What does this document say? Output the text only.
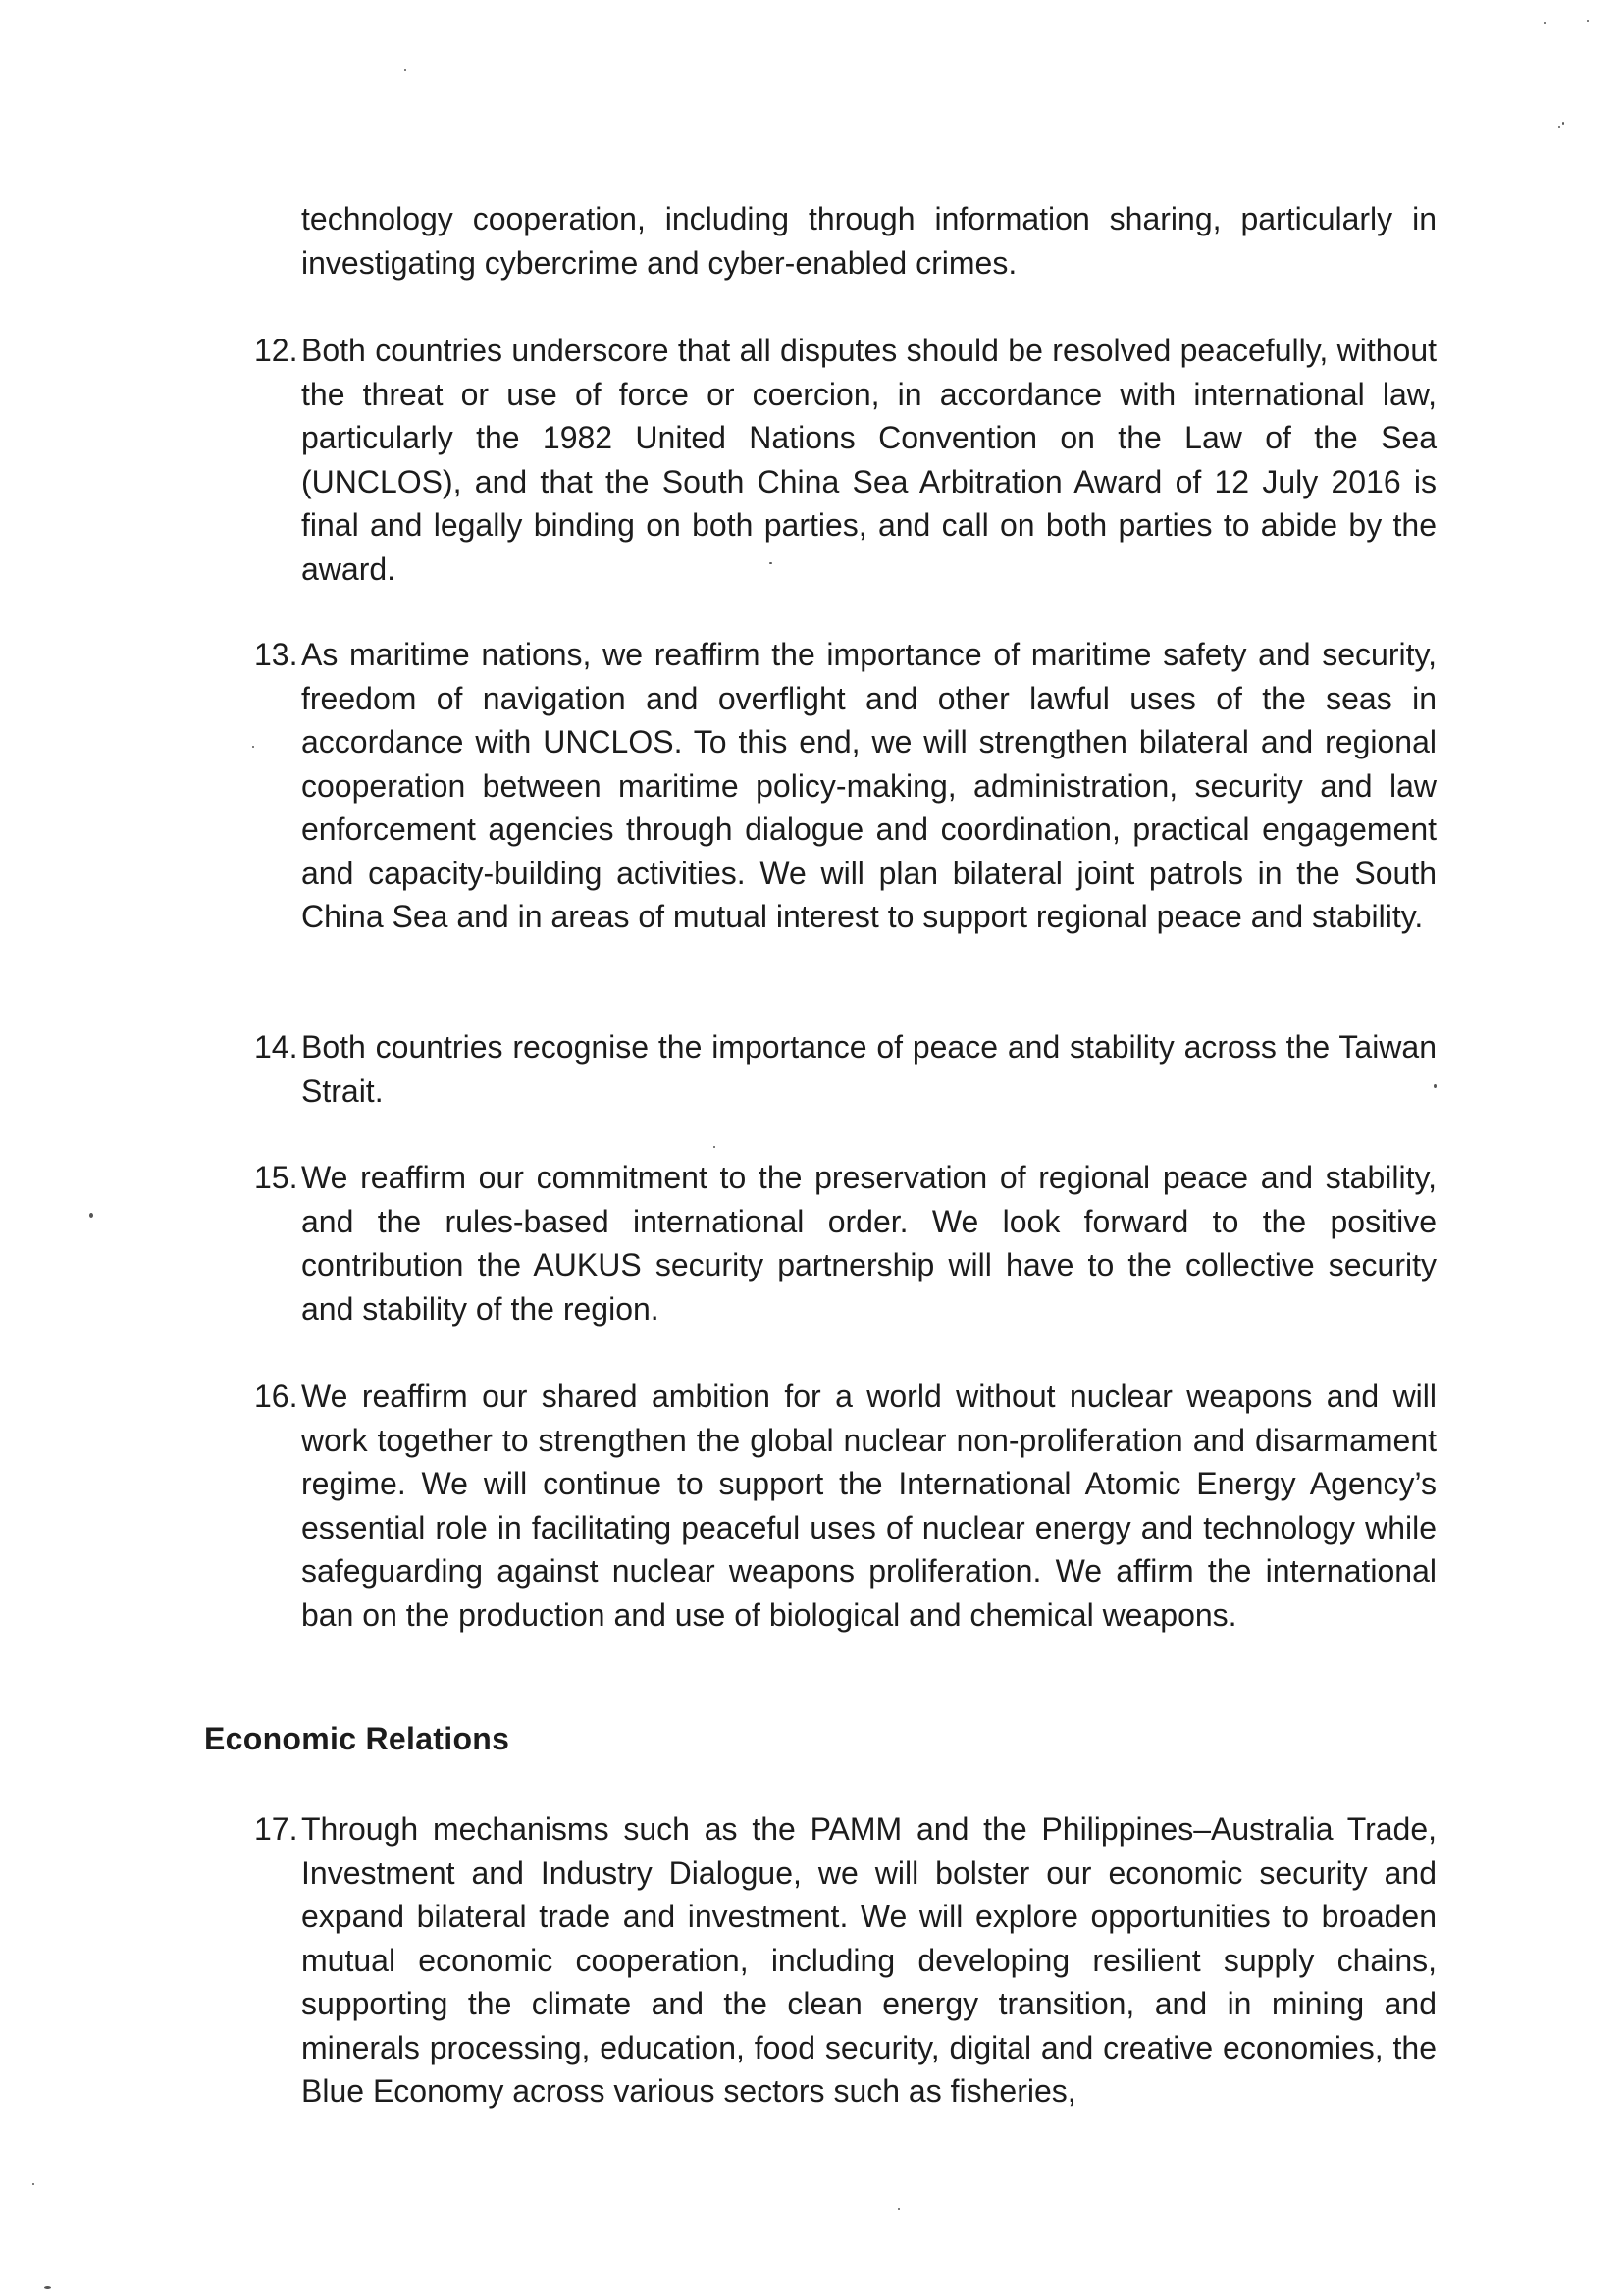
technology cooperation, including through information sharing, particularly in investigating cybercrime and cyber-enabled crimes.
12. Both countries underscore that all disputes should be resolved peacefully, without the threat or use of force or coercion, in accordance with international law, particularly the 1982 United Nations Convention on the Law of the Sea (UNCLOS), and that the South China Sea Arbitration Award of 12 July 2016 is final and legally binding on both parties, and call on both parties to abide by the award.
13. As maritime nations, we reaffirm the importance of maritime safety and security, freedom of navigation and overflight and other lawful uses of the seas in accordance with UNCLOS. To this end, we will strengthen bilateral and regional cooperation between maritime policy-making, administration, security and law enforcement agencies through dialogue and coordination, practical engagement and capacity-building activities. We will plan bilateral joint patrols in the South China Sea and in areas of mutual interest to support regional peace and stability.
14. Both countries recognise the importance of peace and stability across the Taiwan Strait.
15. We reaffirm our commitment to the preservation of regional peace and stability, and the rules-based international order. We look forward to the positive contribution the AUKUS security partnership will have to the collective security and stability of the region.
16. We reaffirm our shared ambition for a world without nuclear weapons and will work together to strengthen the global nuclear non-proliferation and disarmament regime. We will continue to support the International Atomic Energy Agency’s essential role in facilitating peaceful uses of nuclear energy and technology while safeguarding against nuclear weapons proliferation. We affirm the international ban on the production and use of biological and chemical weapons.
Economic Relations
17. Through mechanisms such as the PAMM and the Philippines–Australia Trade, Investment and Industry Dialogue, we will bolster our economic security and expand bilateral trade and investment. We will explore opportunities to broaden mutual economic cooperation, including developing resilient supply chains, supporting the climate and the clean energy transition, and in mining and minerals processing, education, food security, digital and creative economies, the Blue Economy across various sectors such as fisheries,
